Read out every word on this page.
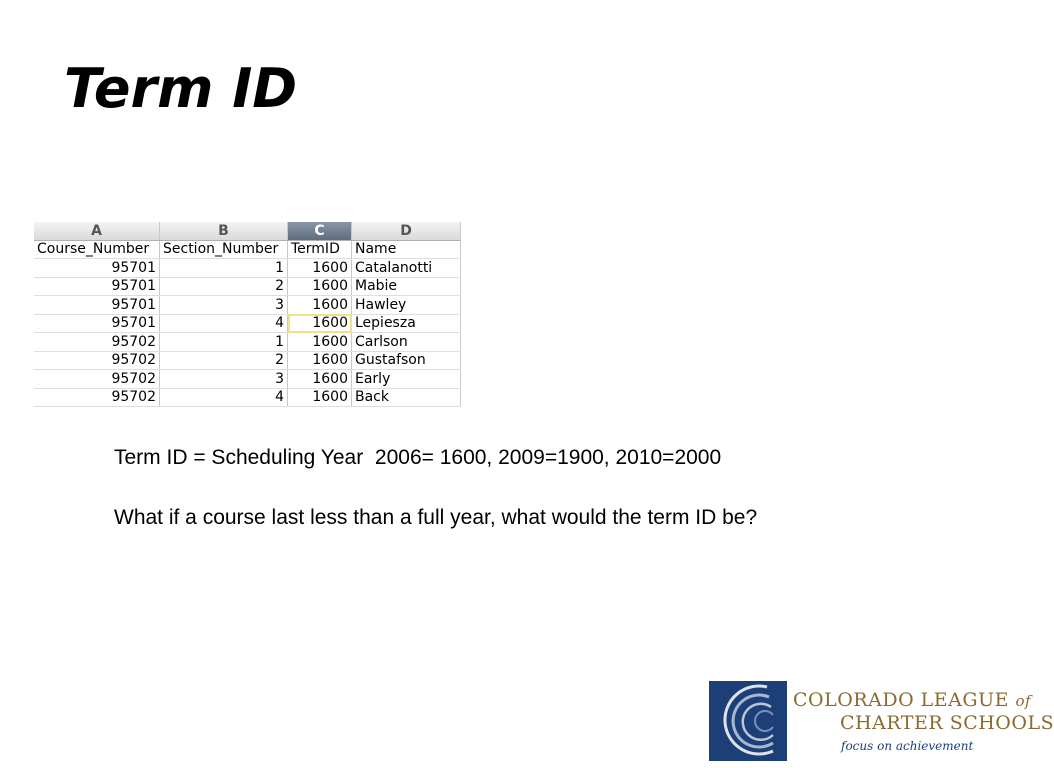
Term ID
A	B	C	D
Course_Number	Section_Number	TermID	Name
95701	1	1600	Catalanotti
95701	2	1600	Mabie
95701	3	1600	Hawley
95701	4	1600	Lepiesza
95702	1	1600	Carlson
95702	2	1600	Gustafson
95702	3	1600	Early
95702	4	1600	Back
Term ID = Scheduling Year  2006= 1600, 2009=1900, 2010=2000
What if a course last less than a full year, what would the term ID be?
COLORADO LEAGUE of
CHARTER SCHOOLS
focus on achievement
